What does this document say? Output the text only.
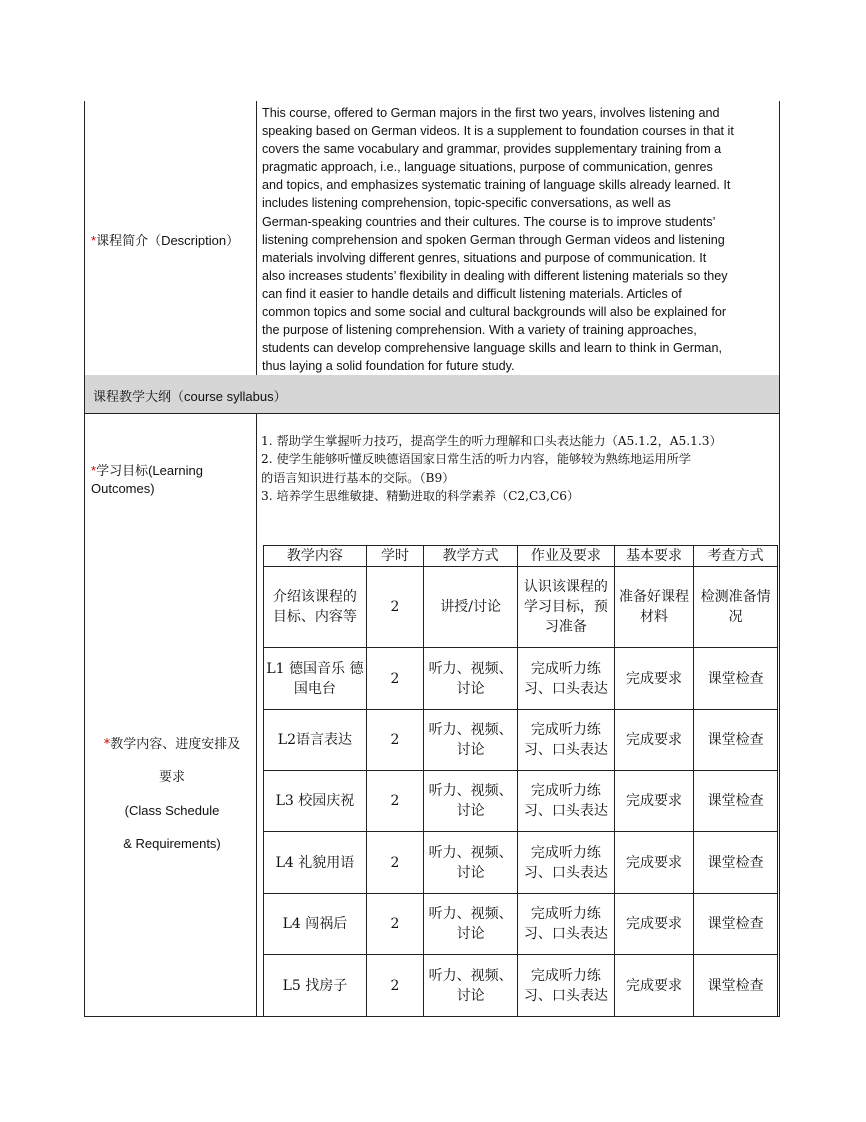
*课程简介（Description）

This course, offered to German majors in the first two years, involves listening and

speaking based on German videos. It is a supplement to foundation courses in that it

covers the same vocabulary and grammar, provides supplementary training from a

pragmatic approach, i.e., language situations, purpose of communication, genres

and topics, and emphasizes systematic training of language skills already learned. It

includes listening comprehension, topic-specific conversations, as well as

German-speaking countries and their cultures. The course is to improve students’

listening comprehension and spoken German through German videos and listening

materials involving different genres, situations and purpose of communication. It

also increases students’ flexibility in dealing with different listening materials so they

can find it easier to handle details and difficult listening materials. Articles of

common topics and some social and cultural backgrounds will also be explained for

the purpose of listening comprehension. With a variety of training approaches,

students can develop comprehensive language skills and learn to think in German,

thus laying a solid foundation for future study.

课程教学大纲（course syllabus）
*学习目标(Learning
Outcomes)

1. 帮助学生掌握听力技巧，提高学生的听力理解和口头表达能力（A5.1.2，A5.1.3）

2. 使学生能够听懂反映德语国家日常生活的听力内容，能够较为熟练地运用所学

的语言知识进行基本的交际。（B9）

3. 培养学生思维敏捷、精勤进取的科学素养（C2,C3,C6）

*教学内容、进度安排及
要求
(Class Schedule
& Requirements)
教学内容	学时	教学方式	作业及要求	基本要求	考查方式
介绍该课程的目标、内容等	2	讲授/讨论	认识该课程的学习目标，预习准备	准备好课程材料	检测准备情况
L1 德国音乐 德国电台	2	听力、视频、讨论	完成听力练习、口头表达	完成要求	课堂检查
L2语言表达	2	听力、视频、讨论	完成听力练习、口头表达	完成要求	课堂检查
L3 校园庆祝	2	听力、视频、讨论	完成听力练习、口头表达	完成要求	课堂检查
L4 礼貌用语	2	听力、视频、讨论	完成听力练习、口头表达	完成要求	课堂检查
L4 闯祸后	2	听力、视频、讨论	完成听力练习、口头表达	完成要求	课堂检查
L5 找房子	2	听力、视频、讨论	完成听力练习、口头表达	完成要求	课堂检查
